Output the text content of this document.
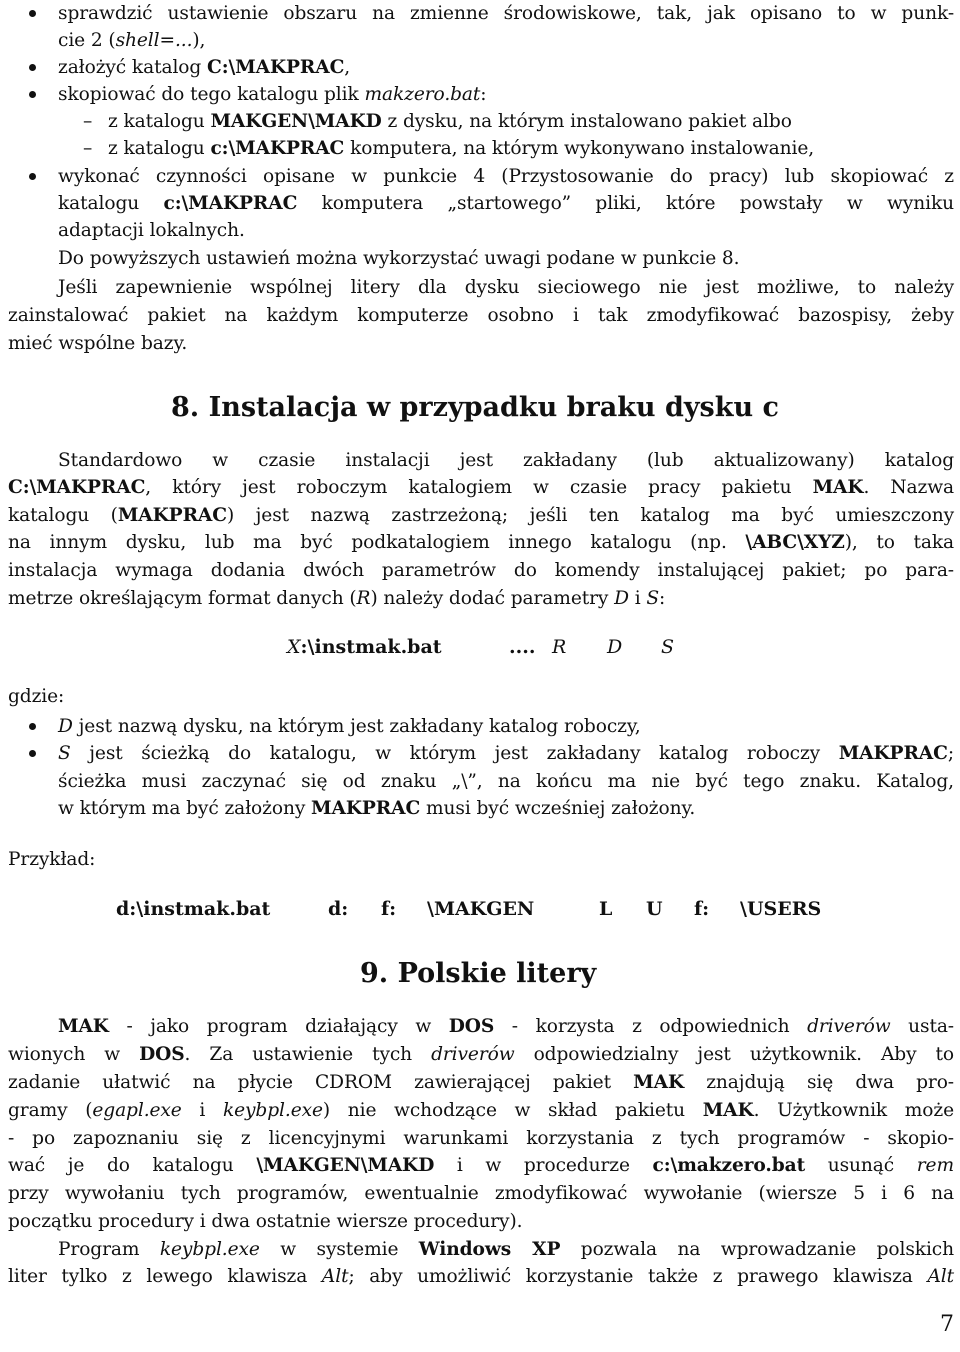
sprawdzić ustawienie obszaru na zmienne środowiskowe, tak, jak opisano to w punk-
cie 2 (shell=...),
założyć katalog C:\MAKPRAC,
skopiować do tego katalogu plik makzero.bat:
– z katalogu MAKGEN\MAKD z dysku, na którym instalowano pakiet albo
– z katalogu c:\MAKPRAC komputera, na którym wykonywano instalowanie,
wykonać czynności opisane w punkcie 4 (Przystosowanie do pracy) lub skopiować z
katalogu c:\MAKPRAC komputera „startowego” pliki, które powstały w wyniku
adaptacji lokalnych.
Do powyższych ustawień można wykorzystać uwagi podane w punkcie 8.
Jeśli zapewnienie wspólnej litery dla dysku sieciowego nie jest możliwe, to należy
zainstalować pakiet na każdym komputerze osobno i tak zmodyfikować bazospisy, żeby
mieć wspólne bazy.
8. Instalacja w przypadku braku dysku c
Standardowo w czasie instalacji jest zakładany (lub aktualizowany) katalog
C:\MAKPRAC, który jest roboczym katalogiem w czasie pracy pakietu MAK. Nazwa
katalogu (MAKPRAC) jest nazwą zastrzeżoną; jeśli ten katalog ma być umieszczony
na innym dysku, lub ma być podkatalogiem innego katalogu (np. \ABC\XYZ), to taka
instalacja wymaga dodania dwóch parametrów do komendy instalującej pakiet; po para-
metrze określającym format danych (R) należy dodać parametry D i S:
X:\instmak.bat	.... R D S
gdzie:
D jest nazwą dysku, na którym jest zakładany katalog roboczy,
S jest ścieżką do katalogu, w którym jest zakładany katalog roboczy MAKPRAC;
ścieżka musi zaczynać się od znaku „\”, na końcu ma nie być tego znaku. Katalog,
w którym ma być założony MAKPRAC musi być wcześniej założony.
Przykład:
d:\instmak.bat	d: f: \MAKGEN	L U f: \USERS
9. Polskie litery
MAK - jako program działający w DOS - korzysta z odpowiednich driverów usta-
wionych w DOS. Za ustawienie tych driverów odpowiedzialny jest użytkownik. Aby to
zadanie ułatwić na płycie CDROM zawierającej pakiet MAK znajdują się dwa pro-
gramy (egapl.exe i keybpl.exe) nie wchodzące w skład pakietu MAK. Użytkownik może
- po zapoznaniu się z licencyjnymi warunkami korzystania z tych programów - skopio-
wać je do katalogu \MAKGEN\MAKD i w procedurze c:\makzero.bat usunąć rem
przy wywołaniu tych programów, ewentualnie zmodyfikować wywołanie (wiersze 5 i 6 na
początku procedury i dwa ostatnie wiersze procedury).
Program keybpl.exe w systemie Windows XP pozwala na wprowadzanie polskich
liter tylko z lewego klawisza Alt; aby umożliwić korzystanie także z prawego klawisza Alt
7
